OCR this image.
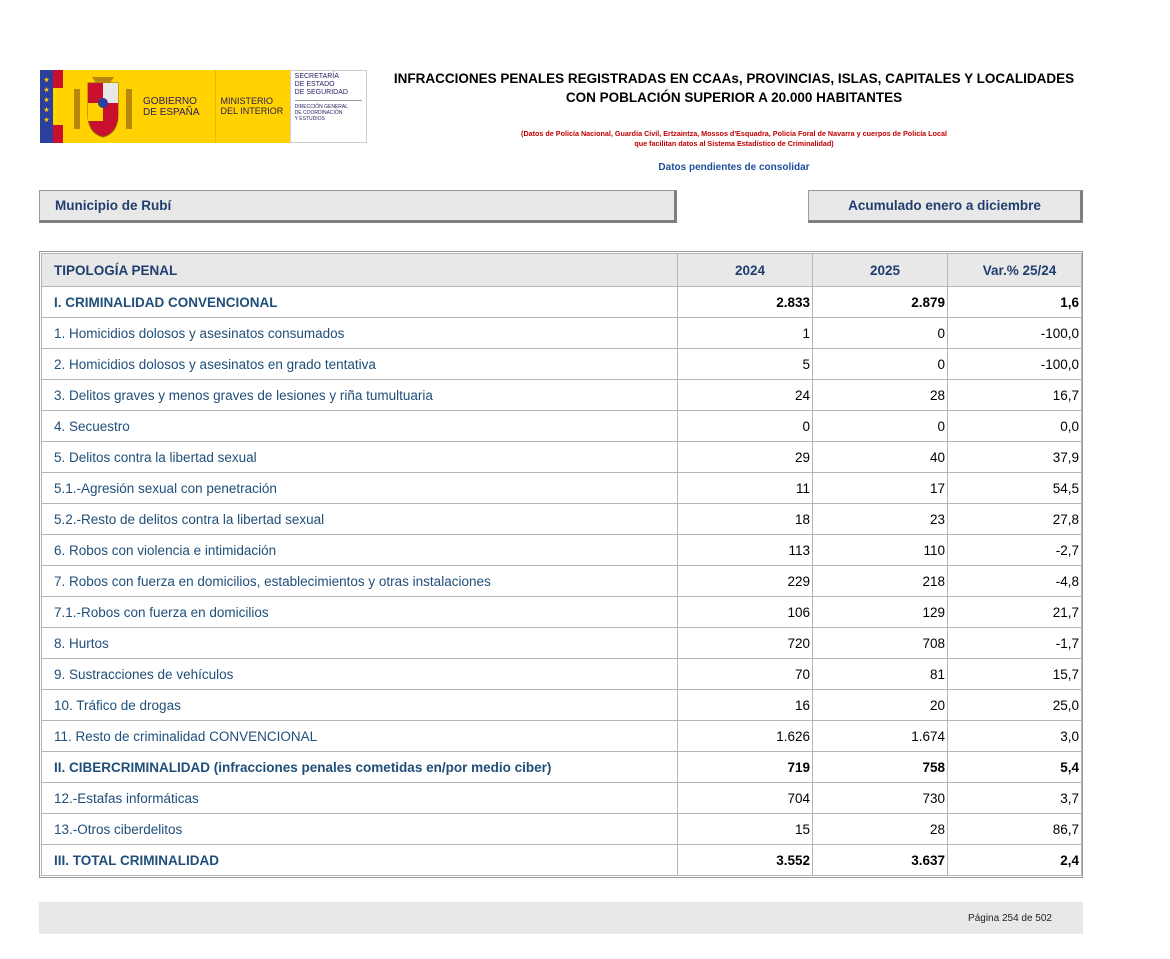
★
★
★
★
★
GOBIERNO
DE ESPAÑA
MINISTERIO
DEL INTERIOR
SECRETARÍA
DE ESTADO
DE SEGURIDAD
DIRECCIÓN GENERAL
DE COORDINACIÓN
Y ESTUDIOS
INFRACCIONES PENALES REGISTRADAS EN CCAAs, PROVINCIAS, ISLAS, CAPITALES Y LOCALIDADES
CON POBLACIÓN SUPERIOR A 20.000 HABITANTES
(Datos de Policía Nacional, Guardia Civil, Ertzaintza, Mossos d'Esquadra, Policía Foral de Navarra y cuerpos de Policía Local
que facilitan datos al Sistema Estadístico de Criminalidad)
Datos pendientes de consolidar
Municipio de Rubí	Acumulado enero a diciembre
TIPOLOGÍA PENAL	2024	2025	Var.% 25/24
I. CRIMINALIDAD CONVENCIONAL	2.833	2.879	1,6
1. Homicidios dolosos y asesinatos consumados	1	0	-100,0
2. Homicidios dolosos y asesinatos en grado tentativa	5	0	-100,0
3. Delitos graves y menos graves de lesiones y riña tumultuaria	24	28	16,7
4. Secuestro	0	0	0,0
5. Delitos contra la libertad sexual	29	40	37,9
5.1.-Agresión sexual con penetración	11	17	54,5
5.2.-Resto de delitos contra la libertad sexual	18	23	27,8
6. Robos con violencia e intimidación	113	110	-2,7
7. Robos con fuerza en domicilios, establecimientos y otras instalaciones	229	218	-4,8
7.1.-Robos con fuerza en domicilios	106	129	21,7
8. Hurtos	720	708	-1,7
9. Sustracciones de vehículos	70	81	15,7
10. Tráfico de drogas	16	20	25,0
11. Resto de criminalidad CONVENCIONAL	1.626	1.674	3,0
II. CIBERCRIMINALIDAD (infracciones penales cometidas en/por medio ciber)	719	758	5,4
12.-Estafas informáticas	704	730	3,7
13.-Otros ciberdelitos	15	28	86,7
III. TOTAL CRIMINALIDAD	3.552	3.637	2,4
Página 254 de 502
